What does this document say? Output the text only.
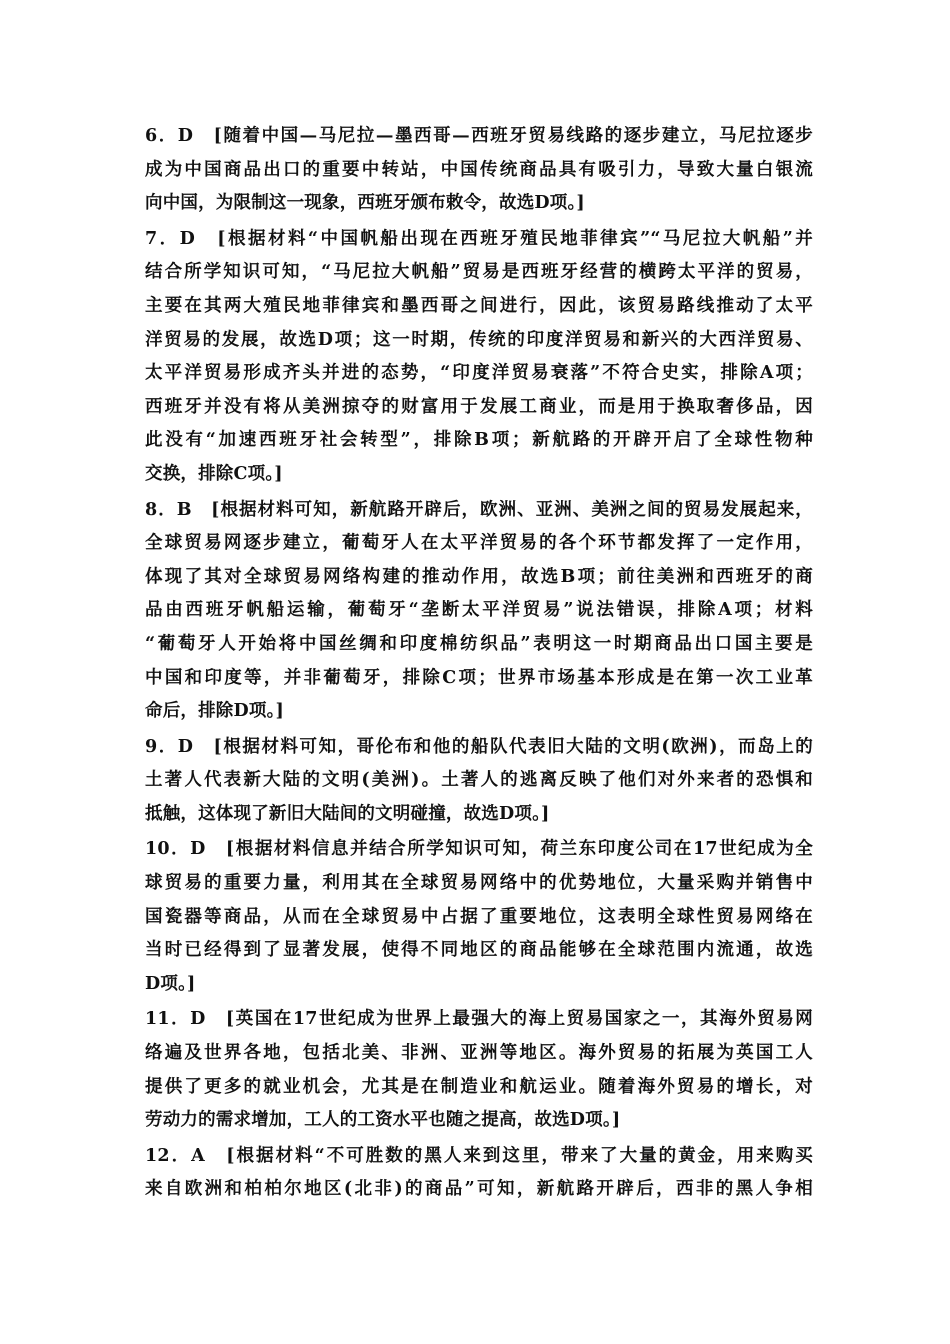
6．D　[随着中国—马尼拉—墨西哥—西班牙贸易线路的逐步建立，马尼拉逐步
成为中国商品出口的重要中转站，中国传统商品具有吸引力，导致大量白银流
向中国，为限制这一现象，西班牙颁布敕令，故选D项。]
7．D　[根据材料“中国帆船出现在西班牙殖民地菲律宾”“马尼拉大帆船”并
结合所学知识可知，“马尼拉大帆船”贸易是西班牙经营的横跨太平洋的贸易，
主要在其两大殖民地菲律宾和墨西哥之间进行，因此，该贸易路线推动了太平
洋贸易的发展，故选D项；这一时期，传统的印度洋贸易和新兴的大西洋贸易、
太平洋贸易形成齐头并进的态势，“印度洋贸易衰落”不符合史实，排除A项；
西班牙并没有将从美洲掠夺的财富用于发展工商业，而是用于换取奢侈品，因
此没有“加速西班牙社会转型”，排除B项；新航路的开辟开启了全球性物种
交换，排除C项。]
8．B　[根据材料可知，新航路开辟后，欧洲、亚洲、美洲之间的贸易发展起来，
全球贸易网逐步建立，葡萄牙人在太平洋贸易的各个环节都发挥了一定作用，
体现了其对全球贸易网络构建的推动作用，故选B项；前往美洲和西班牙的商
品由西班牙帆船运输，葡萄牙“垄断太平洋贸易”说法错误，排除A项；材料
“葡萄牙人开始将中国丝绸和印度棉纺织品”表明这一时期商品出口国主要是
中国和印度等，并非葡萄牙，排除C项；世界市场基本形成是在第一次工业革
命后，排除D项。]
9．D　[根据材料可知，哥伦布和他的船队代表旧大陆的文明(欧洲)，而岛上的
土著人代表新大陆的文明(美洲)。土著人的逃离反映了他们对外来者的恐惧和
抵触，这体现了新旧大陆间的文明碰撞，故选D项。]
10．D　[根据材料信息并结合所学知识可知，荷兰东印度公司在17世纪成为全
球贸易的重要力量，利用其在全球贸易网络中的优势地位，大量采购并销售中
国瓷器等商品，从而在全球贸易中占据了重要地位，这表明全球性贸易网络在
当时已经得到了显著发展，使得不同地区的商品能够在全球范围内流通，故选
D项。]
11．D　[英国在17世纪成为世界上最强大的海上贸易国家之一，其海外贸易网
络遍及世界各地，包括北美、非洲、亚洲等地区。海外贸易的拓展为英国工人
提供了更多的就业机会，尤其是在制造业和航运业。随着海外贸易的增长，对
劳动力的需求增加，工人的工资水平也随之提高，故选D项。]
12．A　[根据材料“不可胜数的黑人来到这里，带来了大量的黄金，用来购买
来自欧洲和柏柏尔地区(北非)的商品”可知，新航路开辟后，西非的黑人争相
